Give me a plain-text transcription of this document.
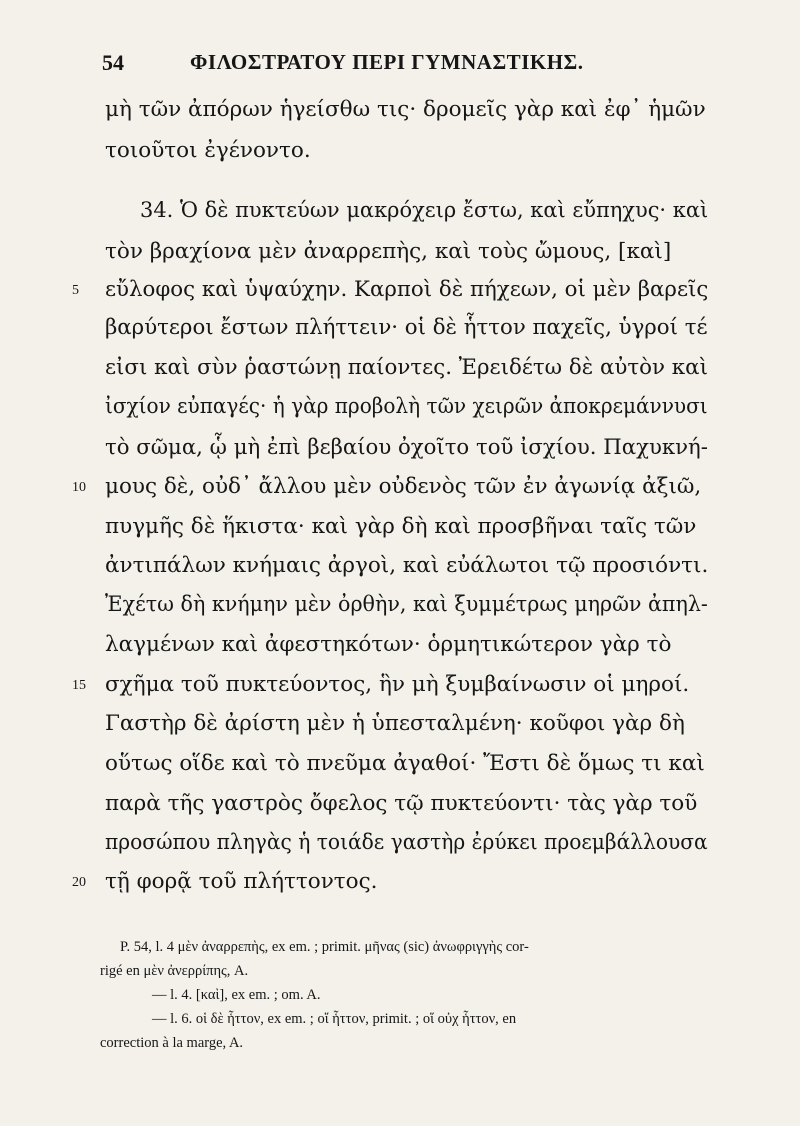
54	ΦΙΛΟΣΤΡΑΤΟΥ ΠΕΡΙ ΓΥΜΝΑΣΤΙΚΗΣ.
μὴ τῶν ἀπόρων ἡγείσθω τις· δρομεῖς γὰρ καὶ ἐφ᾽ ἡμῶν
τοιοῦτοι ἐγένοντο.
34. Ὁ δὲ πυκτεύων μακρόχειρ ἔστω, καὶ εὔπηχυς· καὶ
τὸν βραχίονα μὲν ἀναρρεπὴς, καὶ τοὺς ὤμους, [καὶ]
εὔλοφος καὶ ὑψαύχην. Καρποὶ δὲ πήχεων, οἱ μὲν βαρεῖς
βαρύτεροι ἔστων πλήττειν· οἱ δὲ ἧττον παχεῖς, ὑγροί τέ
εἰσι καὶ σὺν ῥαστώνῃ παίοντες. Ἐρειδέτω δὲ αὐτὸν καὶ
ἰσχίον εὐπαγές· ἡ γὰρ προβολὴ τῶν χειρῶν ἀποκρεμάννυσι
τὸ σῶμα, ᾧ μὴ ἐπὶ βεβαίου ὀχοῖτο τοῦ ἰσχίου. Παχυκνή-
μους δὲ, οὐδ᾽ ἄλλου μὲν οὐδενὸς τῶν ἐν ἀγωνίᾳ ἀξιῶ,
πυγμῆς δὲ ἥκιστα· καὶ γὰρ δὴ καὶ προσβῆναι ταῖς τῶν
ἀντιπάλων κνήμαις ἀργοὶ, καὶ εὐάλωτοι τῷ προσιόντι.
Ἐχέτω δὴ κνήμην μὲν ὀρθὴν, καὶ ξυμμέτρως μηρῶν ἀπηλ-
λαγμένων καὶ ἀφεστηκότων· ὁρμητικώτερον γὰρ τὸ
σχῆμα τοῦ πυκτεύοντος, ἣν μὴ ξυμβαίνωσιν οἱ μηροί.
Γαστὴρ δὲ ἀρίστη μὲν ἡ ὑπεσταλμένη· κοῦφοι γὰρ δὴ
οὕτως οἵδε καὶ τὸ πνεῦμα ἀγαθοί· Ἔστι δὲ ὅμως τι καὶ
παρὰ τῆς γαστρὸς ὄφελος τῷ πυκτεύοντι· τὰς γὰρ τοῦ
προσώπου πληγὰς ἡ τοιάδε γαστὴρ ἐρύκει προεμβάλλουσα
τῇ φορᾷ τοῦ πλήττοντος.
5
10
15
20
P. 54, l. 4 μὲν ἀναρρεπὴς, ex em. ; primit. μῆνας (sic) ἀνωφριγγὴς cor-
rigé en μὲν ἀνερρίπης, A.
— l. 4. [καὶ], ex em. ; om. A.
— l. 6. οἱ δὲ ἧττον, ex em. ; οἵ ἧττον, primit. ; οἵ οὐχ ἧττον, en
correction à la marge, A.
